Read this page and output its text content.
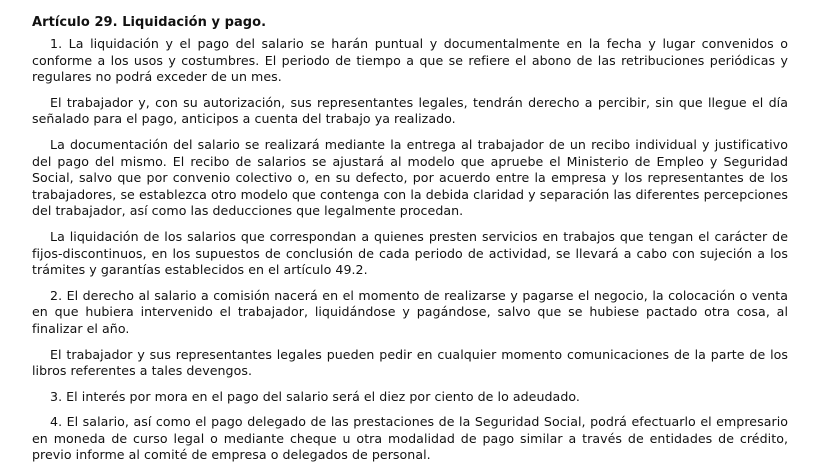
Artículo 29. Liquidación y pago.

1. La liquidación y el pago del salario se harán puntual y documentalmente en la fecha y lugar convenidos o conforme a los usos y costumbres. El periodo de tiempo a que se refiere el abono de las retribuciones periódicas y regulares no podrá exceder de un mes.

El trabajador y, con su autorización, sus representantes legales, tendrán derecho a percibir, sin que llegue el día señalado para el pago, anticipos a cuenta del trabajo ya realizado.

La documentación del salario se realizará mediante la entrega al trabajador de un recibo individual y justificativo del pago del mismo. El recibo de salarios se ajustará al modelo que apruebe el Ministerio de Empleo y Seguridad Social, salvo que por convenio colectivo o, en su defecto, por acuerdo entre la empresa y los representantes de los trabajadores, se establezca otro modelo que contenga con la debida claridad y separación las diferentes percepciones del trabajador, así como las deducciones que legalmente procedan.

La liquidación de los salarios que correspondan a quienes presten servicios en trabajos que tengan el carácter de fijos-discontinuos, en los supuestos de conclusión de cada periodo de actividad, se llevará a cabo con sujeción a los trámites y garantías establecidos en el artículo 49.2.

2. El derecho al salario a comisión nacerá en el momento de realizarse y pagarse el negocio, la colocación o venta en que hubiera intervenido el trabajador, liquidándose y pagándose, salvo que se hubiese pactado otra cosa, al finalizar el año.

El trabajador y sus representantes legales pueden pedir en cualquier momento comunicaciones de la parte de los libros referentes a tales devengos.

3. El interés por mora en el pago del salario será el diez por ciento de lo adeudado.

4. El salario, así como el pago delegado de las prestaciones de la Seguridad Social, podrá efectuarlo el empresario en moneda de curso legal o mediante cheque u otra modalidad de pago similar a través de entidades de crédito, previo informe al comité de empresa o delegados de personal.
